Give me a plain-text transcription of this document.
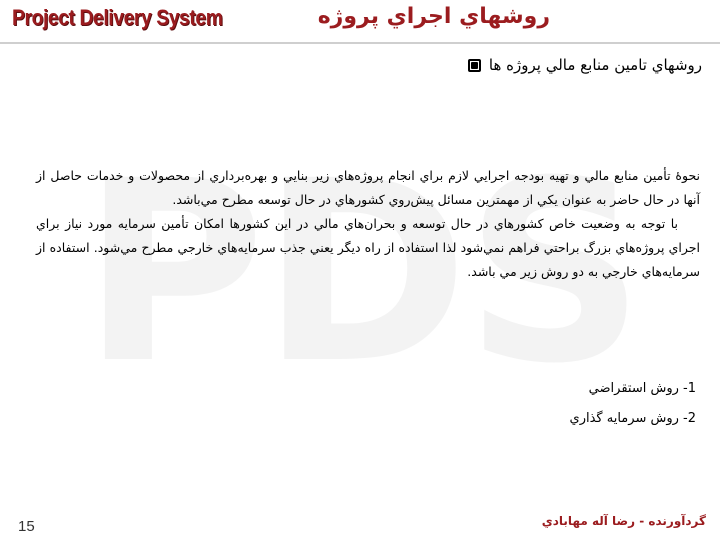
Project Delivery System	روشهاي اجراي پروژه
روشهاي تامين منابع مالي پروژه ها

نحوۀ تأمين منابع مالي و تهيه بودجه اجرايي لازم براي انجام پروژه‌هاي زير بنايي و بهره‌برداري از محصولات و خدمات حاصل از آنها در حال حاضر به عنوان يکي از مهمترين مسائل پيش‌روي کشورهاي در حال توسعه مطرح مي‌باشد.

با توجه به وضعيت خاص کشورهاي در حال توسعه و بحران‌هاي مالي در اين کشورها امکان تأمين سرمايه مورد نياز براي اجراي پروژه‌هاي بزرگ براحتي فراهم نمي‌شود لذا استفاده از راه ديگر يعني جذب سرمايه‌هاي خارجي مطرح مي‌شود. استفاده از سرمايه‌هاي خارجي به دو روش زير مي باشد.

1- روش استقراضي
2- روش سرمايه گذاري
15	گردآورنده - رضا آله مهابادي
